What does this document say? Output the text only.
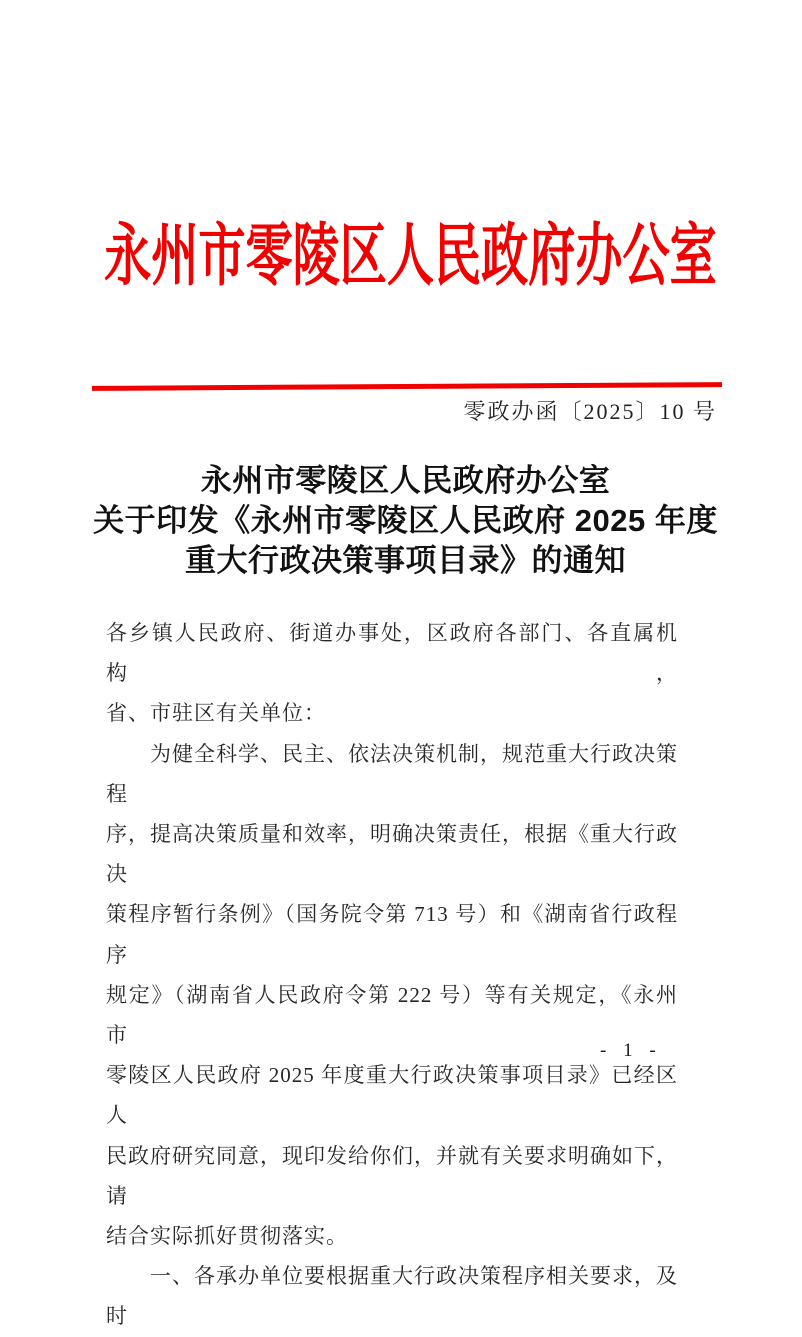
永州市零陵区人民政府办公室
零政办函〔2025〕10 号
永州市零陵区人民政府办公室
关于印发《永州市零陵区人民政府 2025 年度
重大行政决策事项目录》的通知
各乡镇人民政府、街道办事处，区政府各部门、各直属机构，
省、市驻区有关单位：
为健全科学、民主、依法决策机制，规范重大行政决策程
序，提高决策质量和效率，明确决策责任，根据《重大行政决
策程序暂行条例》（国务院令第 713 号）和《湖南省行政程序
规定》（湖南省人民政府令第 222 号）等有关规定，《永州市
零陵区人民政府 2025 年度重大行政决策事项目录》已经区人
民政府研究同意，现印发给你们，并就有关要求明确如下，请
结合实际抓好贯彻落实。
一、各承办单位要根据重大行政决策程序相关要求，及时
- 1 -
